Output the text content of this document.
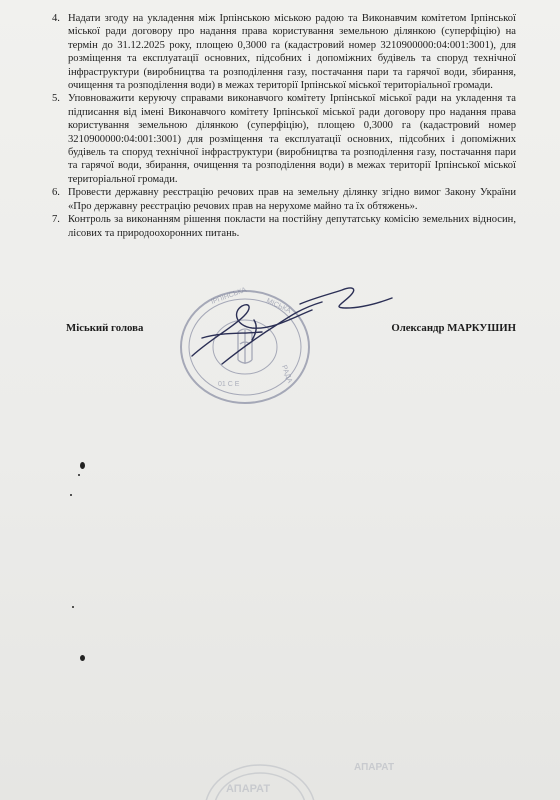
4. Надати згоду на укладення між Ірпінською міською радою та Виконавчим комітетом Ірпінської міської ради договору про надання права користування земельною ділянкою (суперфіцію) на термін до 31.12.2025 року, площею 0,3000 га (кадастровий номер 3210900000:04:001:3001), для розміщення та експлуатації основних, підсобних і допоміжних будівель та споруд технічної інфраструктури (виробництва та розподілення газу, постачання пари та гарячої води, збирання, очищення та розподілення води) в межах території Ірпінської міської територіальної громади.
5. Уповноважити керуючу справами виконавчого комітету Ірпінської міської ради на укладення та підписання від імені Виконавчого комітету Ірпінської міської ради договору про надання права користування земельною ділянкою (суперфіцію), площею 0,3000 га (кадастровий номер 3210900000:04:001:3001) для розміщення та експлуатації основних, підсобних і допоміжних будівель та споруд технічної інфраструктури (виробництва та розподілення газу, постачання пари та гарячої води, збирання, очищення та розподілення води) в межах території Ірпінської міської територіальної громади.
6. Провести державну реєстрацію речових прав на земельну ділянку згідно вимог Закону України «Про державну реєстрацію речових прав на нерухоме майно та їх обтяжень».
7. Контроль за виконанням рішення покласти на постійну депутатську комісію земельних відносин, лісових та природоохоронних питань.
ІРПІНСЬКА
МІСЬКА
РАДА
01 С Е
Міський голова	Олександр МАРКУШИН
АПАРАТ
АПАРАТ
